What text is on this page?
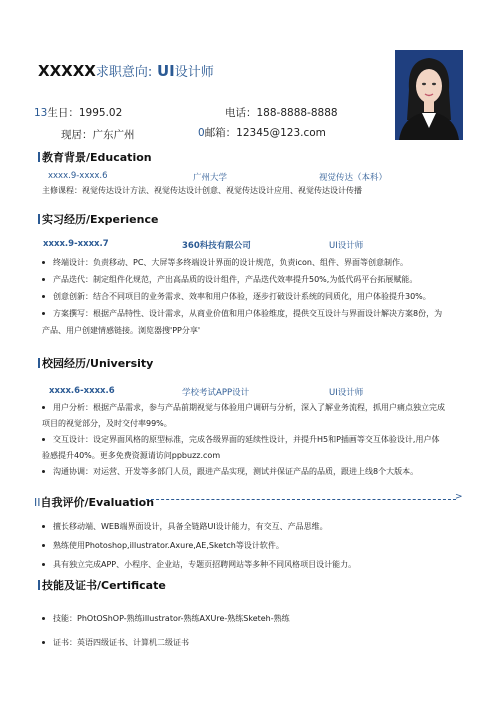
XXXXX求职意向: UI设计师
13生日：1995.02	电话：188-8888-8888
现居：广东广州	0邮箱：12345@123.com
教育背景/Education
xxxx.9-xxxx.6	广州大学	视觉传达（本科）
主修课程：视觉传达设计方法、视觉传达设计创意、视觉传达设计应用、视觉传达设计传播
实习经历/Experience
xxxx.9-xxxx.7	360科技有限公司	UI设计师
终端设计：负责移动、PC、大屏等多终端设计界面的设计规范，负责icon、组件、界面等创意制作。
产品迭代：制定组件化规范，产出高品质的设计组件，产品迭代效率提升50%,为低代码平台拓展赋能。
创意创新：结合不同项目的业务需求、效率和用户体验，逐步打破设计系统的同质化，用户体验提升30%。
方案撰写：根据产品特性、设计需求，从商业价值和用户体验维度，提供交互设计与界面设计解决方案8份，为
产品、用户创建情感链接。浏览器搜'PP分享'
校园经历/University
xxxx.6-xxxx.6	学校考试APP设计	UI设计师
用户分析：根据产品需求，参与产品前期视觉与体验用户调研与分析，深入了解业务流程，抓用户痛点独立完成
项目的视觉部分，及时交付率99%。
交互设计：设定界面风格的原型标准，完成各级界面的延续性设计，并提升H5和P插画等交互体验设计,用户体
验感提升40%。更多免费资源请访问ppbuzz.com
沟通协调：对运营、开发等多部门人员，跟进产品实现，测试并保证产品的品质，跟进上线8个大版本。
II自我评价/Evaluation	>
擅长移动端、WEB端界面设计，具备全链路UI设计能力，有交互、产品思维。
熟练使用Photoshop,illustrator.Axure,AE,Sketch等设计软件。
具有独立完成APP、小程序、企业站，专题页招聘网站等多种不同风格项目设计能力。
技能及证书/Certificate
技能：PhOtOShOP-熟练illustrator-熟练AXUre-熟练Sketeh-熟练
证书：英语四级证书、计算机二级证书
